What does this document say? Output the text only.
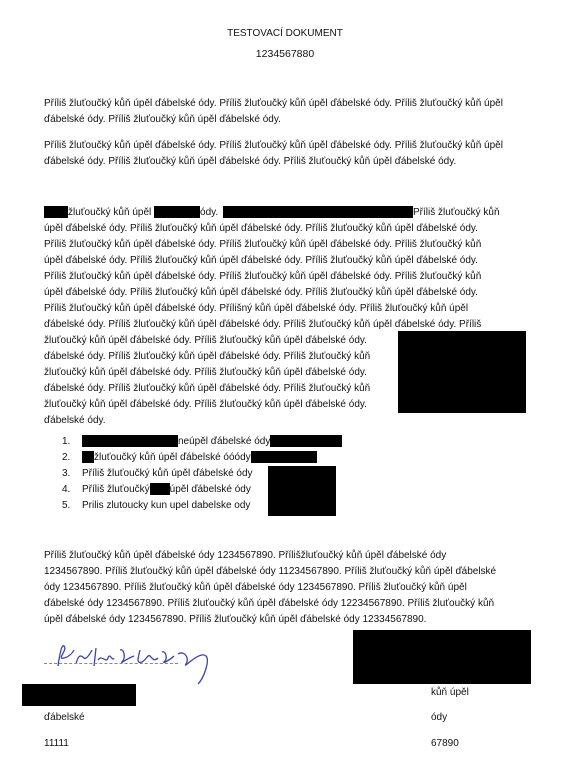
TESTOVACÍ DOKUMENT
1234567880

Příliš žluťoučký kůň úpěl ďábelské ódy. Příliš žluťoučký kůň úpěl ďábelské ódy. Příliš žluťoučký kůň úpěl ďábelské ódy. Příliš žluťoučký kůň úpěl ďábelské ódy.

Příliš žluťoučký kůň úpěl ďábelské ódy. Příliš žluťoučký kůň úpěl ďábelské ódy. Příliš žluťoučký kůň úpěl ďábelské ódy. Příliš žluťoučký kůň úpěl ďábelské ódy. Příliš žluťoučký kůň úpěl ďábelské ódy.

žluťoučký kůň úpěl	ódy.	Příliš žluťoučký kůň
úpěl ďábelské ódy. Příliš žluťoučký kůň úpěl ďábelské ódy. Příliš žluťoučký kůň úpěl ďábelské ódy.
Příliš žluťoučký kůň úpěl ďábelské ódy. Příliš žluťoučký kůň úpěl ďábelské ódy. Příliš žluťoučký kůň
úpěl ďábelské ódy. Příliš žluťoučký kůň úpěl ďábelské ódy. Příliš žluťoučký kůň úpěl ďábelské ódy.
Příliš žluťoučký kůň úpěl ďábelské ódy. Příliš žluťoučký kůň úpěl ďábelské ódy. Příliš žluťoučký kůň
úpěl ďábelské ódy. Příliš žluťoučký kůň úpěl ďábelské ódy. Příliš žluťoučký kůň úpěl ďábelské ódy.
Příliš žluťoučký kůň úpěl ďábelské ódy. Přílišný kůň úpěl ďábelské ódy. Příliš žluťoučký kůň úpěl
ďábelské ódy. Příliš žluťoučký kůň úpěl ďábelské ódy. Příliš žluťoučký kůň úpěl ďábelské ódy. Příliš
žluťoučký kůň úpěl ďábelské ódy. Příliš žluťoučký kůň úpěl ďábelské ódy.
ďábelské ódy. Příliš žluťoučký kůň úpěl ďábelské ódy. Příliš žluťoučký kůň
žluťoučký kůň úpěl ďábelské ódy. Příliš žluťoučký kůň úpěl ďábelské ódy.
ďábelské ódy. Příliš žluťoučký kůň úpěl ďábelské ódy. Příliš žluťoučký kůň
žluťoučký kůň úpěl ďábelské ódy. Příliš žluťoučký kůň úpěl ďábelské ódy.
ďábelské ódy.
1.	neúpěl ďábelské ódy
2. žluťoučký kůň úpěl ďábelské óóódy
3. Příliš žluťoučký kůň úpěl ďábelské ódy
4. Příliš žluťoučký úpěl ďábelské ódy
5. Prilis zlutoucky kun upel dabelske ody
Příliš žluťoučký kůň úpěl ďábelské ódy 1234567890. Přílišžluťoučký kůň úpěl ďábelské ódy
1234567890. Příliš žluťoučký kůň úpěl ďábelské ódy 11234567890. Příliš žluťoučký kůň úpěl ďábelské
ódy 1234567890. Příliš žluťoučký kůň úpěl ďábelské ódy 1234567890. Příliš žluťoučký kůň úpěl
ďábelské ódy 1234567890. Příliš žluťoučký kůň úpěl ďábelské ódy 12234567890. Příliš žluťoučký kůň
úpěl ďábelské ódy 1234567890. Příliš žluťoučký kůň úpěl ďábelské ódy 12334567890.
ďábelské
11111
kůň úpěl
ódy
67890
